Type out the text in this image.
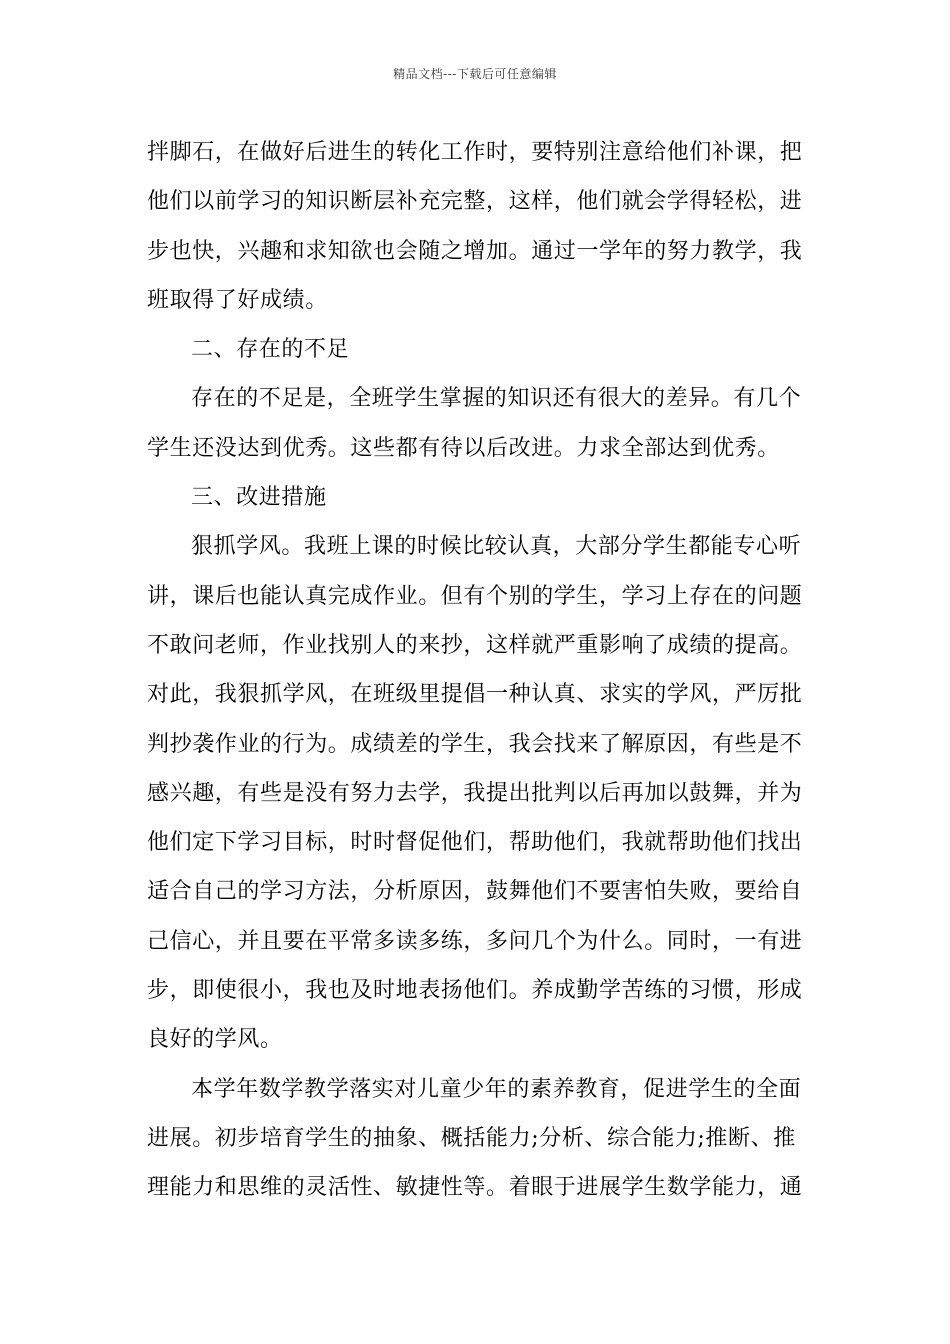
精品文档---下载后可任意编辑
拌脚石，在做好后进生的转化工作时，要特别注意给他们补课，把
他们以前学习的知识断层补充完整，这样，他们就会学得轻松，进
步也快，兴趣和求知欲也会随之增加。通过一学年的努力教学，我
班取得了好成绩。
二、存在的不足
存在的不足是，全班学生掌握的知识还有很大的差异。有几个
学生还没达到优秀。这些都有待以后改进。力求全部达到优秀。
三、改进措施
狠抓学风。我班上课的时候比较认真，大部分学生都能专心听
讲，课后也能认真完成作业。但有个别的学生，学习上存在的问题
不敢问老师，作业找别人的来抄，这样就严重影响了成绩的提高。
对此，我狠抓学风，在班级里提倡一种认真、求实的学风，严厉批
判抄袭作业的行为。成绩差的学生，我会找来了解原因，有些是不
感兴趣，有些是没有努力去学，我提出批判以后再加以鼓舞，并为
他们定下学习目标，时时督促他们，帮助他们，我就帮助他们找出
适合自己的学习方法，分析原因，鼓舞他们不要害怕失败，要给自
己信心，并且要在平常多读多练，多问几个为什么。同时，一有进
步，即使很小，我也及时地表扬他们。养成勤学苦练的习惯，形成
良好的学风。
本学年数学教学落实对儿童少年的素养教育，促进学生的全面
进展。初步培育学生的抽象、概括能力;分析、综合能力;推断、推
理能力和思维的灵活性、敏捷性等。着眼于进展学生数学能力，通
